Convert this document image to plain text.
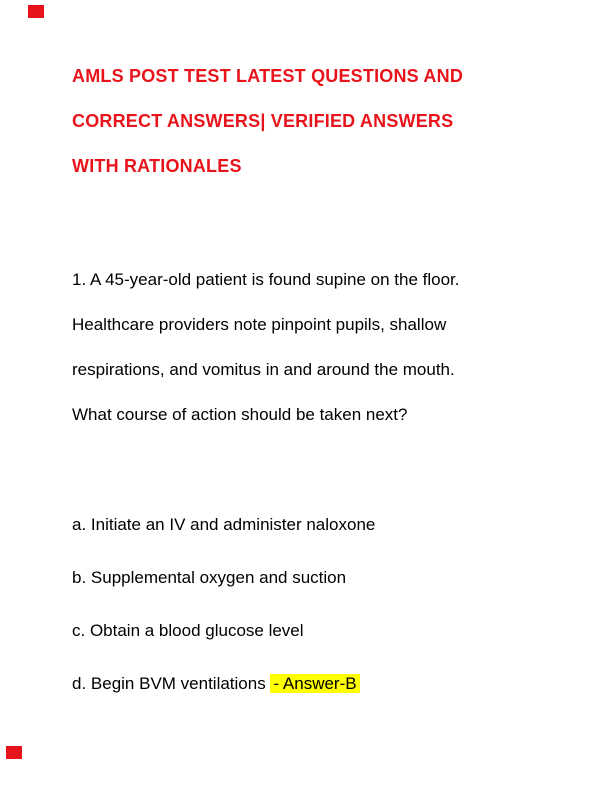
AMLS POST TEST LATEST QUESTIONS AND
CORRECT ANSWERS| VERIFIED ANSWERS
WITH RATIONALES
1. A 45-year-old patient is found supine on the floor.
Healthcare providers note pinpoint pupils, shallow
respirations, and vomitus in and around the mouth.
What course of action should be taken next?
a. Initiate an IV and administer naloxone
b. Supplemental oxygen and suction
c. Obtain a blood glucose level
d. Begin BVM ventilations - Answer-B
